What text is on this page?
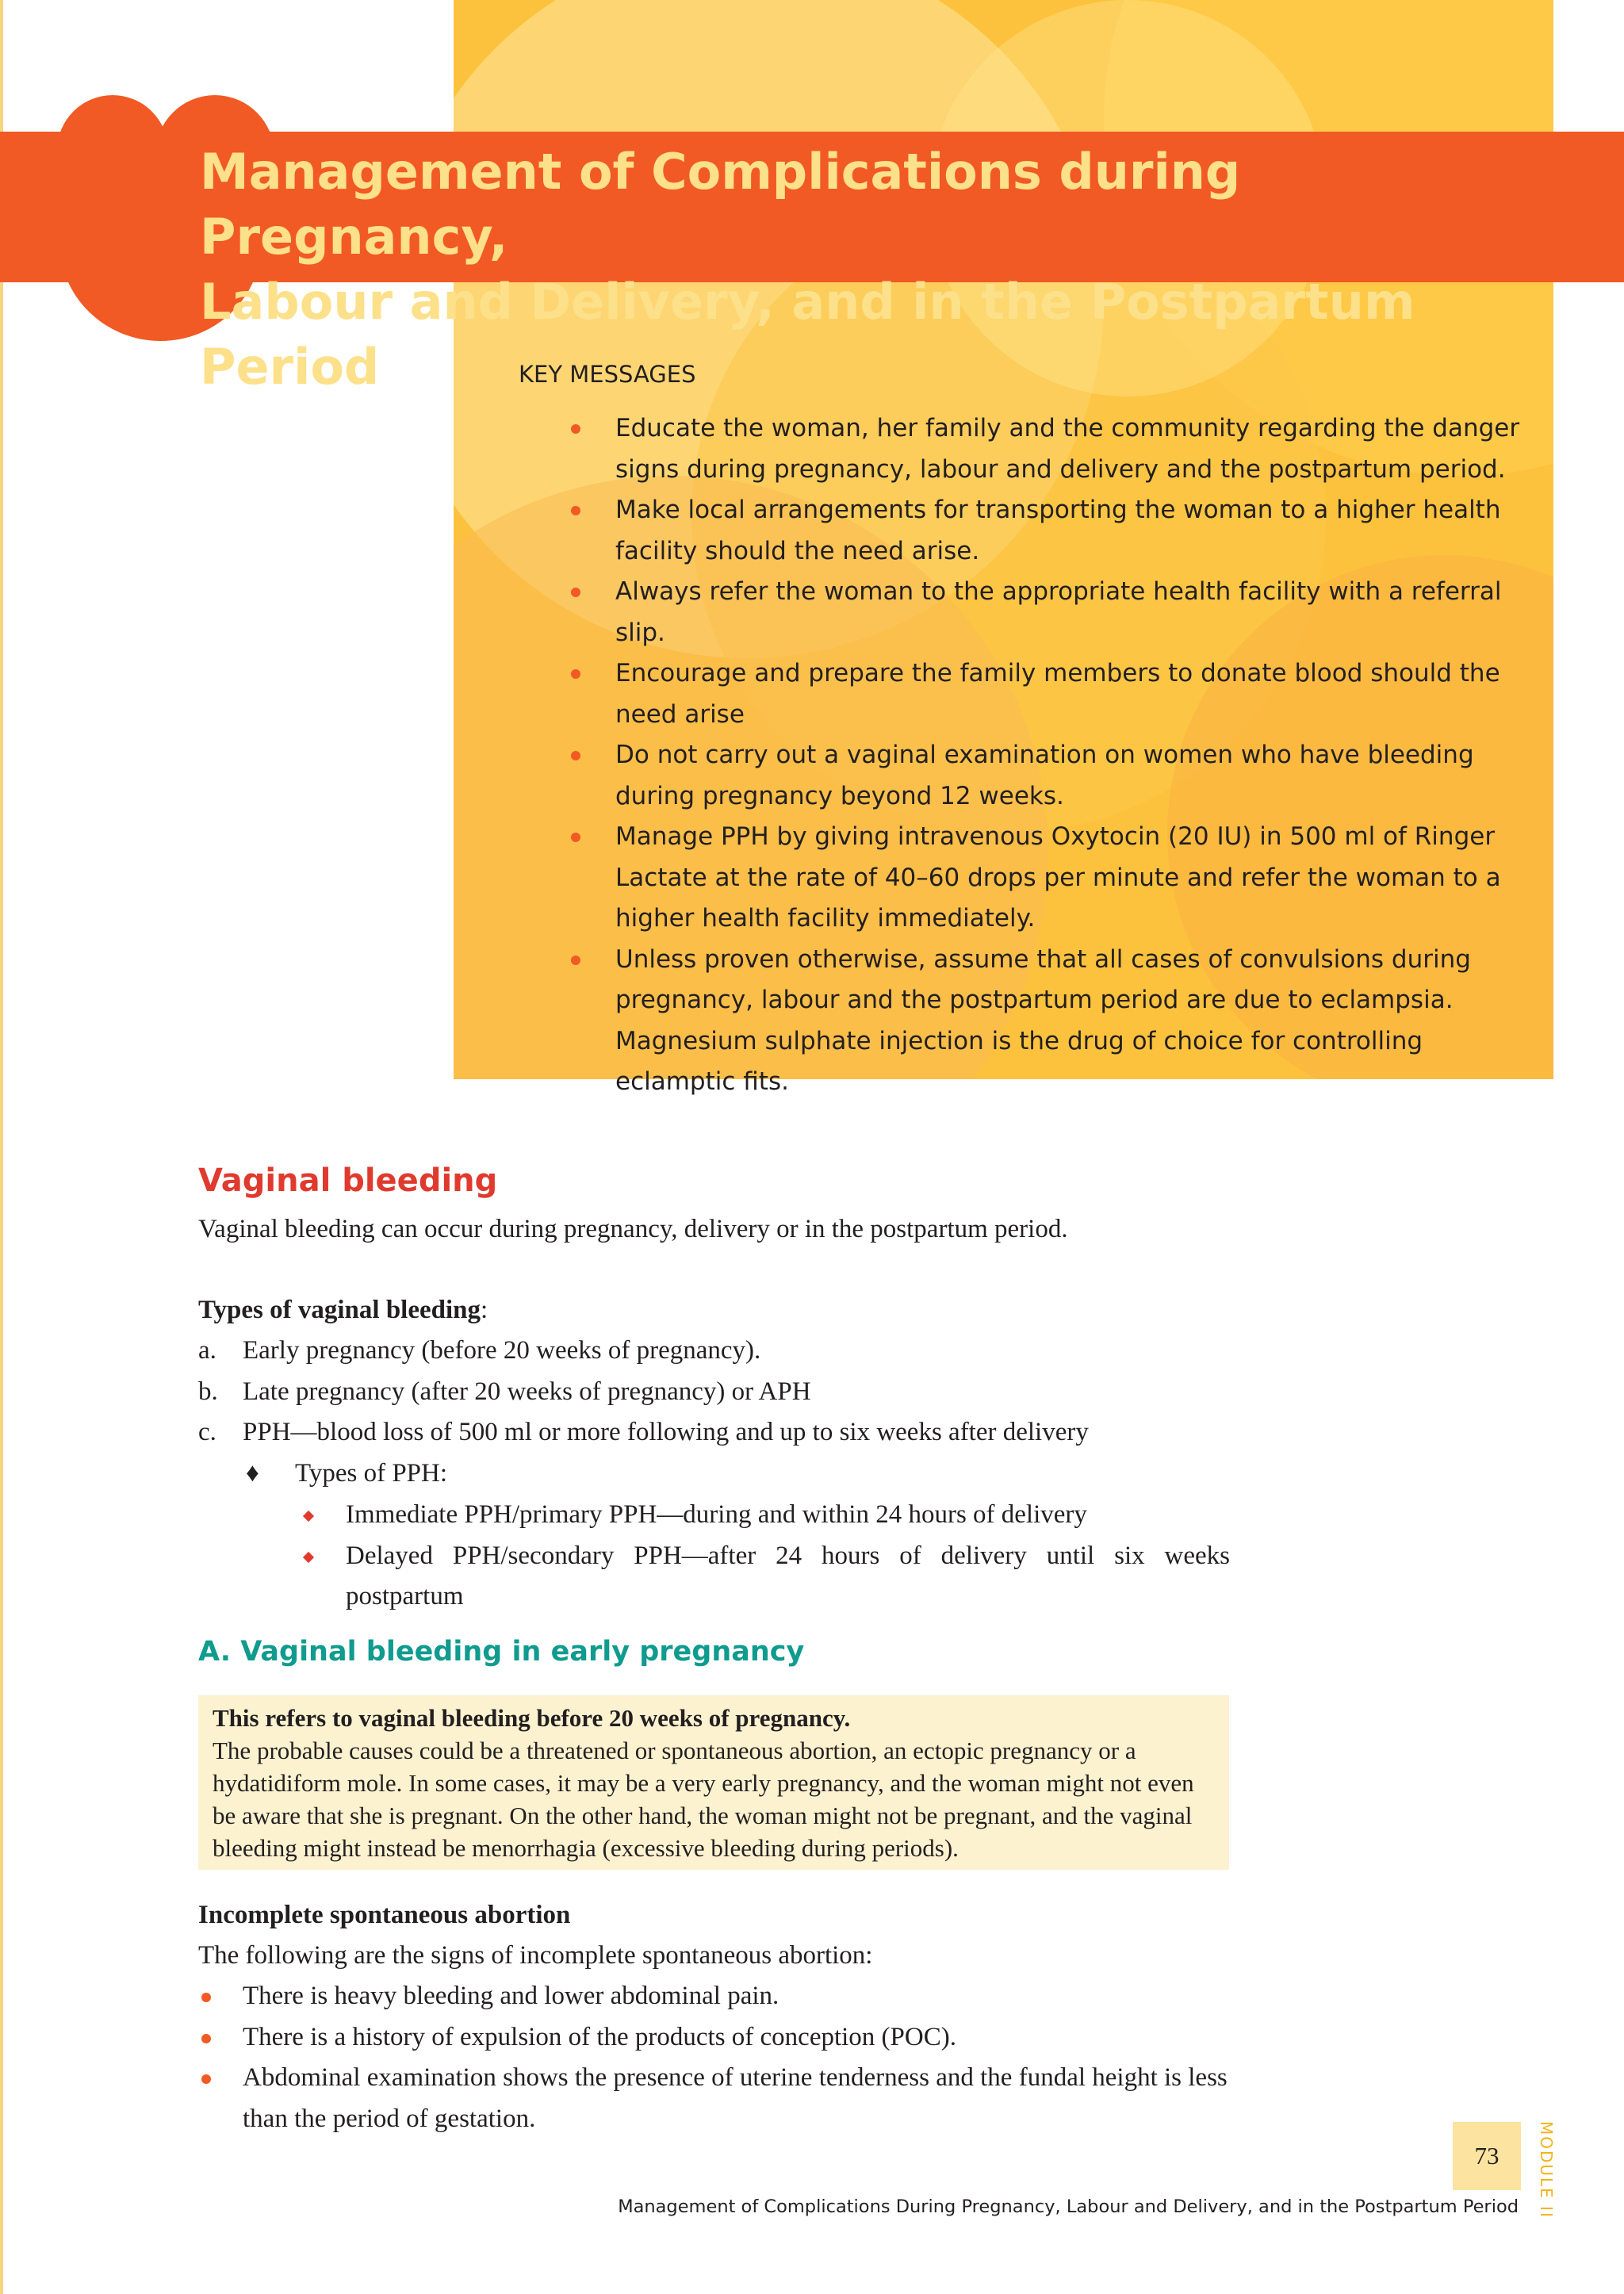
Management of Complications during Pregnancy,
Labour and Delivery, and in the Postpartum Period	KEY MESSAGES
Educate the woman, her family and the community regarding the danger signs during pregnancy, labour and delivery and the postpartum period.
Make local arrangements for transporting the woman to a higher health facility should the need arise.
Always refer the woman to the appropriate health facility with a referral slip.
Encourage and prepare the family members to donate blood should the need arise
Do not carry out a vaginal examination on women who have bleeding during pregnancy beyond 12 weeks.
Manage PPH by giving intravenous Oxytocin (20 IU) in 500 ml of Ringer Lactate at the rate of 40–60 drops per minute and refer the woman to a higher health facility immediately.
Unless proven otherwise, assume that all cases of convulsions during pregnancy, labour and the postpartum period are due to eclampsia. Magnesium sulphate injection is the drug of choice for controlling eclamptic fits.
Vaginal bleeding

Vaginal bleeding can occur during pregnancy, delivery or in the postpartum period.

Types of vaginal bleeding:

a. Early pregnancy (before 20 weeks of pregnancy).
b. Late pregnancy (after 20 weeks of pregnancy) or APH
c. PPH—blood loss of 500 ml or more following and up to six weeks after delivery

♦ Types of PPH:

Immediate PPH/primary PPH—during and within 24 hours of delivery
Delayed PPH/secondary PPH—after 24 hours of delivery until six weeks postpartum
A. Vaginal bleeding in early pregnancy

This refers to vaginal bleeding before 20 weeks of pregnancy.

The probable causes could be a threatened or spontaneous abortion, an ectopic pregnancy or a hydatidiform mole. In some cases, it may be a very early pregnancy, and the woman might not even be aware that she is pregnant. On the other hand, the woman might not be pregnant, and the vaginal bleeding might instead be menorrhagia (excessive bleeding during periods).

Incomplete spontaneous abortion

The following are the signs of incomplete spontaneous abortion:

There is heavy bleeding and lower abdominal pain.
There is a history of expulsion of the products of conception (POC).
Abdominal examination shows the presence of uterine tenderness and the fundal height is less than the period of gestation.
73	MODULE II

Management of Complications During Pregnancy, Labour and Delivery, and in the Postpartum Period
